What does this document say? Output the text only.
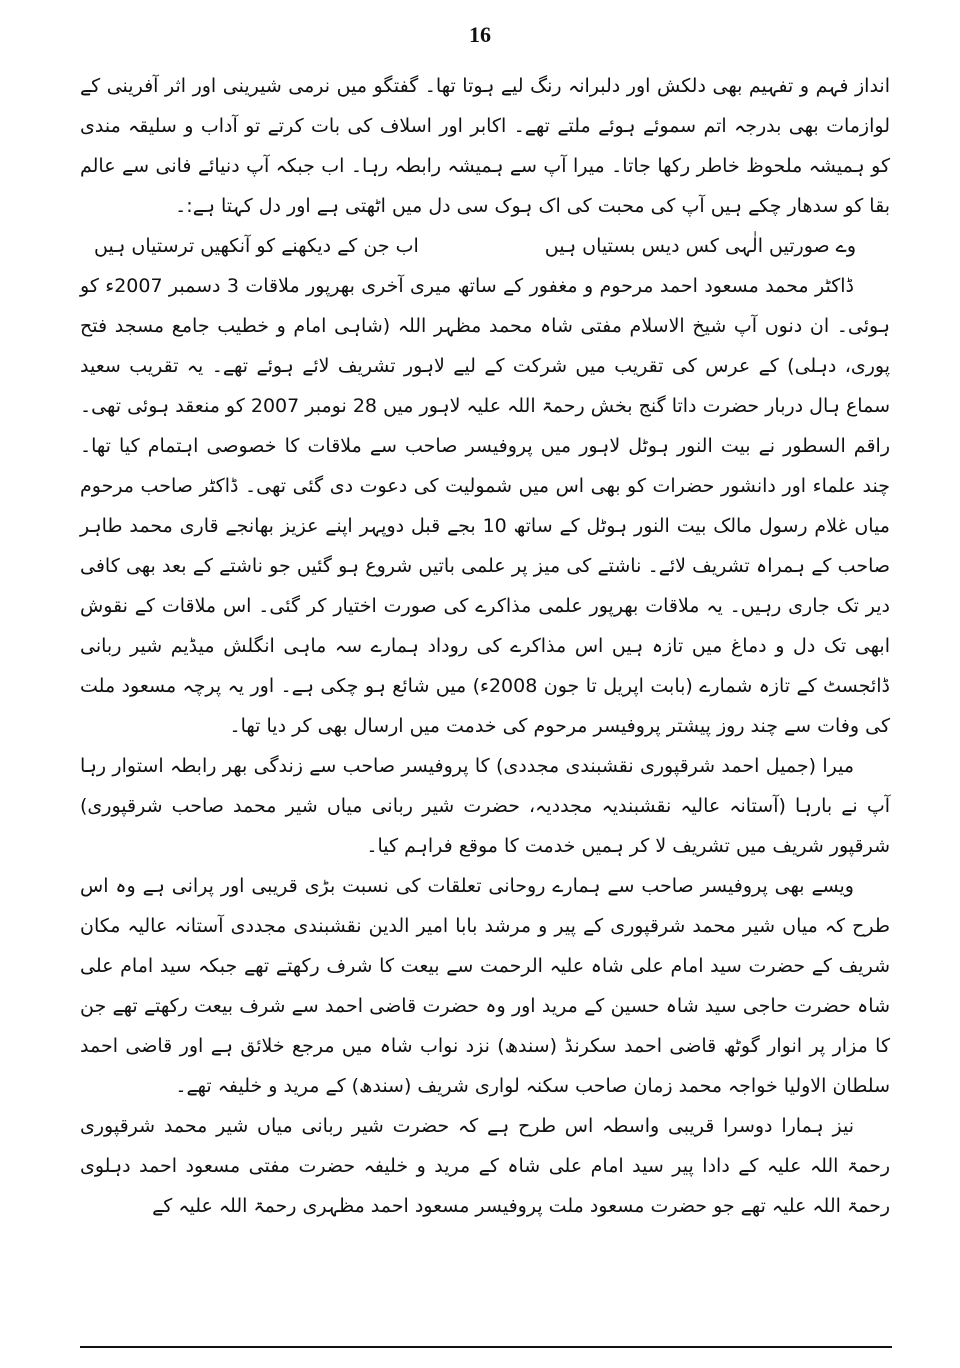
16

انداز فہم و تفہیم بھی دلکش اور دلبرانہ رنگ لیے ہوتا تھا۔ گفتگو میں نرمی شیرینی اور اثر آفرینی کے لوازمات بھی بدرجہ اتم سموئے ہوئے ملتے تھے۔ اکابر اور اسلاف کی بات کرتے تو آداب و سلیقہ مندی کو ہمیشہ ملحوظ خاطر رکھا جاتا۔ میرا آپ سے ہمیشہ رابطہ رہا۔ اب جبکہ آپ دنیائے فانی سے عالم بقا کو سدھار چکے ہیں آپ کی محبت کی اک ہوک سی دل میں اٹھتی ہے اور دل کہتا ہے:۔

وے صورتیں الٰہی کس دیس بستیاں ہیں
اب جن کے دیکھنے کو آنکھیں ترستیاں ہیں

ڈاکٹر محمد مسعود احمد مرحوم و مغفور کے ساتھ میری آخری بھرپور ملاقات 3 دسمبر 2007ء کو ہوئی۔ ان دنوں آپ شیخ الاسلام مفتی شاہ محمد مظہر اللہ (شاہی امام و خطیب جامع مسجد فتح پوری، دہلی) کے عرس کی تقریب میں شرکت کے لیے لاہور تشریف لائے ہوئے تھے۔ یہ تقریب سعید سماع ہال دربار حضرت داتا گنج بخش رحمۃ اللہ علیہ لاہور میں 28 نومبر 2007 کو منعقد ہوئی تھی۔ راقم السطور نے بیت النور ہوٹل لاہور میں پروفیسر صاحب سے ملاقات کا خصوصی اہتمام کیا تھا۔ چند علماء اور دانشور حضرات کو بھی اس میں شمولیت کی دعوت دی گئی تھی۔ ڈاکٹر صاحب مرحوم میاں غلام رسول مالک بیت النور ہوٹل کے ساتھ 10 بجے قبل دوپہر اپنے عزیز بھانجے قاری محمد طاہر صاحب کے ہمراہ تشریف لائے۔ ناشتے کی میز پر علمی باتیں شروع ہو گئیں جو ناشتے کے بعد بھی کافی دیر تک جاری رہیں۔ یہ ملاقات بھرپور علمی مذاکرے کی صورت اختیار کر گئی۔ اس ملاقات کے نقوش ابھی تک دل و دماغ میں تازہ ہیں اس مذاکرے کی روداد ہمارے سہ ماہی انگلش میڈیم شیر ربانی ڈائجسٹ کے تازہ شمارے (بابت اپریل تا جون 2008ء) میں شائع ہو چکی ہے۔ اور یہ پرچہ مسعود ملت کی وفات سے چند روز پیشتر پروفیسر مرحوم کی خدمت میں ارسال بھی کر دیا تھا۔

میرا (جمیل احمد شرقپوری نقشبندی مجددی) کا پروفیسر صاحب سے زندگی بھر رابطہ استوار رہا آپ نے بارہا (آستانہ عالیہ نقشبندیہ مجددیہ، حضرت شیر ربانی میاں شیر محمد صاحب شرقپوری) شرقپور شریف میں تشریف لا کر ہمیں خدمت کا موقع فراہم کیا۔

ویسے بھی پروفیسر صاحب سے ہمارے روحانی تعلقات کی نسبت بڑی قریبی اور پرانی ہے وہ اس طرح کہ میاں شیر محمد شرقپوری کے پیر و مرشد بابا امیر الدین نقشبندی مجددی آستانہ عالیہ مکان شریف کے حضرت سید امام علی شاہ علیہ الرحمت سے بیعت کا شرف رکھتے تھے جبکہ سید امام علی شاہ حضرت حاجی سید شاہ حسین کے مرید اور وہ حضرت قاضی احمد سے شرف بیعت رکھتے تھے جن کا مزار پر انوار گوٹھ قاضی احمد سکرنڈ (سندھ) نزد نواب شاہ میں مرجع خلائق ہے اور قاضی احمد سلطان الاولیا خواجہ محمد زمان صاحب سکنہ لواری شریف (سندھ) کے مرید و خلیفہ تھے۔

نیز ہمارا دوسرا قریبی واسطہ اس طرح ہے کہ حضرت شیر ربانی میاں شیر محمد شرقپوری رحمۃ اللہ علیہ کے دادا پیر سید امام علی شاہ کے مرید و خلیفہ حضرت مفتی مسعود احمد دہلوی رحمۃ اللہ علیہ تھے جو حضرت مسعود ملت پروفیسر مسعود احمد مظہری رحمۃ اللہ علیہ کے
